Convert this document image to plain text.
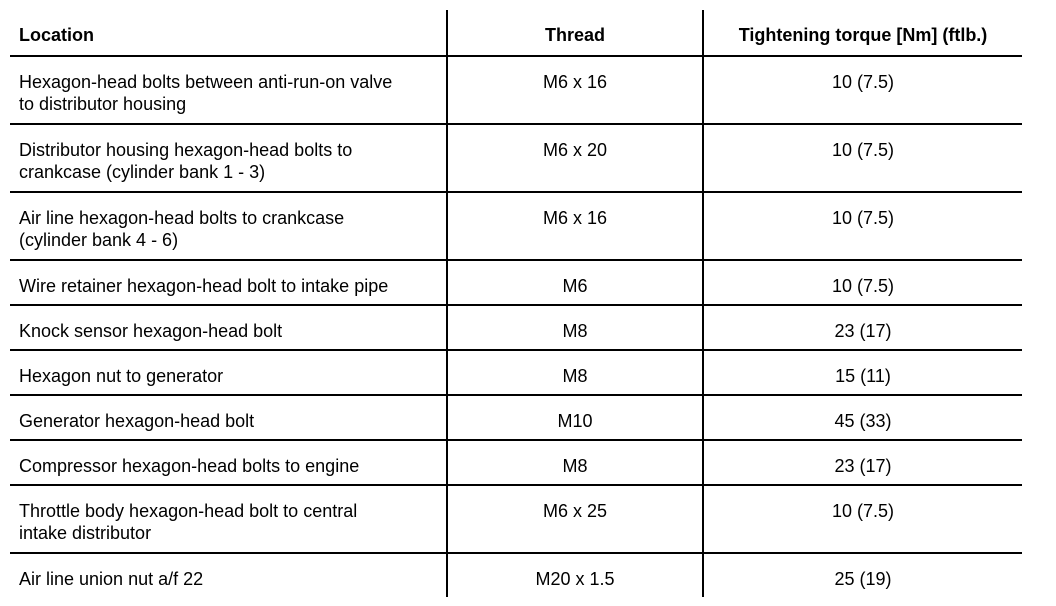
Location	Thread	Tightening torque [Nm] (ftlb.)

Hexagon-head bolts between anti-run-on valve
to distributor housing	M6 x 16	10 (7.5)

Distributor housing hexagon-head bolts to
crankcase (cylinder bank 1 - 3)	M6 x 20	10 (7.5)

Air line hexagon-head bolts to crankcase
(cylinder bank 4 - 6)	M6 x 16	10 (7.5)

Wire retainer hexagon-head bolt to intake pipe	M6	10 (7.5)

Knock sensor hexagon-head bolt	M8	23 (17)

Hexagon nut to generator	M8	15 (11)

Generator hexagon-head bolt	M10	45 (33)

Compressor hexagon-head bolts to engine	M8	23 (17)

Throttle body hexagon-head bolt to central
intake distributor	M6 x 25	10 (7.5)

Air line union nut a/f 22	M20 x 1.5	25 (19)
